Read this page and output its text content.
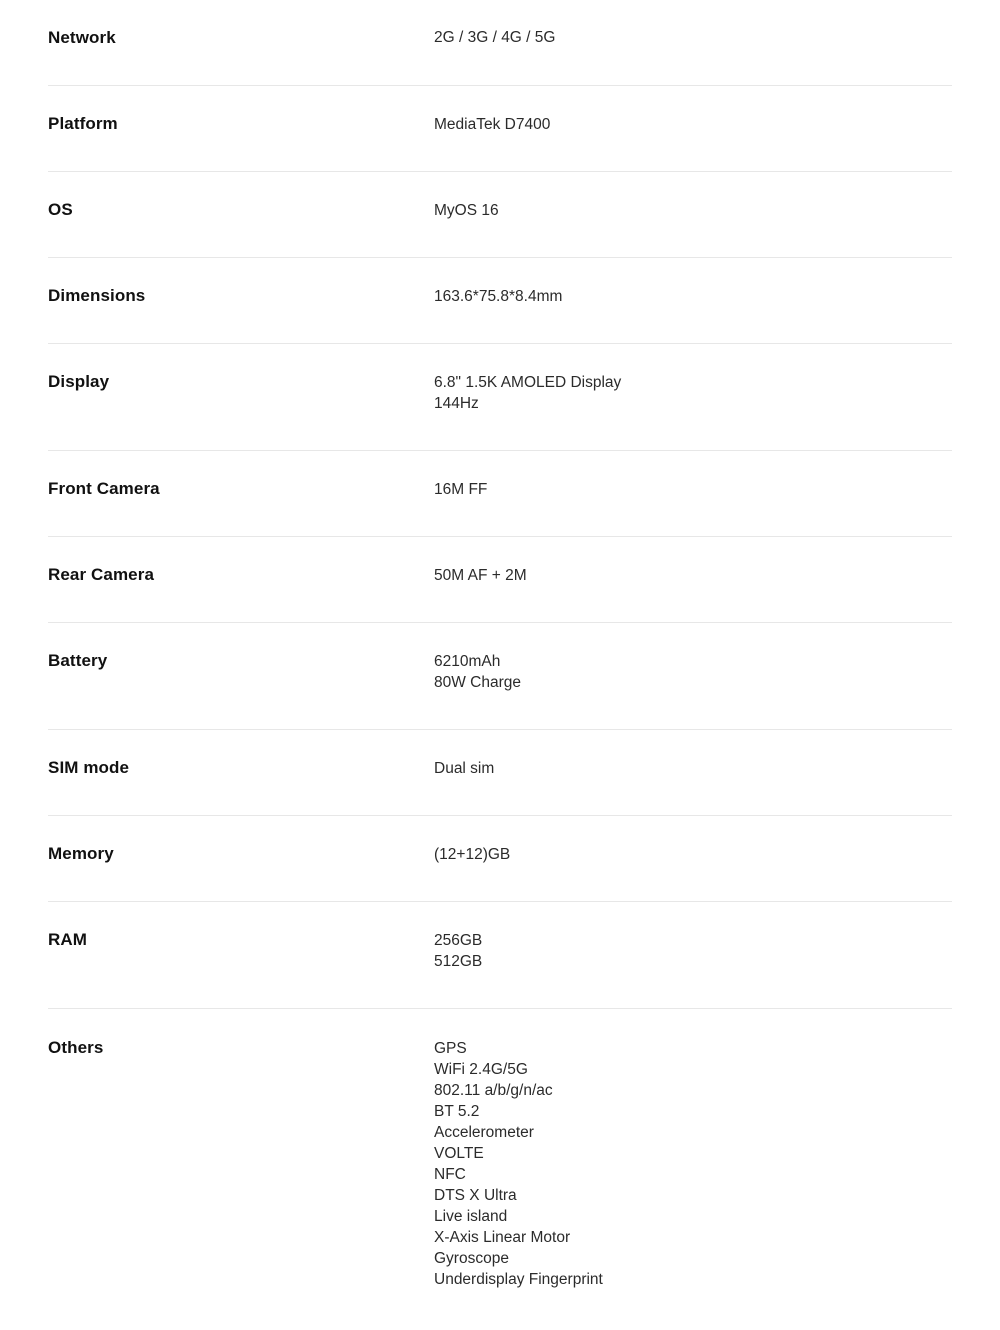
Network	2G / 3G / 4G / 5G
Platform	MediaTek D7400
OS	MyOS 16
Dimensions	163.6*75.8*8.4mm
Display	6.8" 1.5K AMOLED Display
144Hz
Front Camera	16M FF
Rear Camera	50M AF + 2M
Battery	6210mAh
80W Charge
SIM mode	Dual sim
Memory	(12+12)GB
RAM	256GB
512GB
Others	GPS
WiFi 2.4G/5G
802.11 a/b/g/n/ac
BT 5.2
Accelerometer
VOLTE
NFC
DTS X Ultra
Live island
X-Axis Linear Motor
Gyroscope
Underdisplay Fingerprint
